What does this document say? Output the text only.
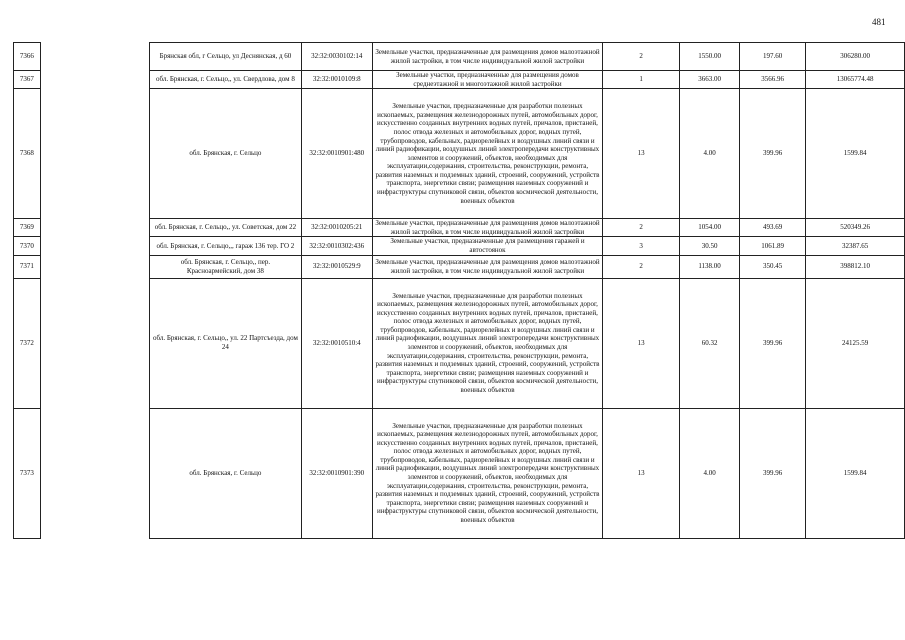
481
7366		Брянская обл, г Сельцо, ул Деснянская, д 60	32:32:0030102:14	Земельные участки, предназначенные для размещения домов малоэтажной жилой застройки, в том числе индивидуальной жилой застройки	2	1550.00	197.60	306280.00
7367		обл. Брянская, г. Сельцо,, ул. Свердлова, дом 8	32:32:0010109:8	Земельные участки, предназначенные для размещения домов среднеэтажной и многоэтажной жилой застройки	1	3663.00	3566.96	13065774.48
7368		обл. Брянская, г. Сельцо	32:32:0010901:480	Земельные участки, предназначенные для разработки полезных ископаемых, размещения железнодорожных путей, автомобильных дорог, искусственно созданных внутренних водных путей, причалов, пристаней, полос отвода железных и автомобильных дорог, водных путей, трубопроводов, кабельных, радиорелейных и воздушных линий связи и линий радиофикации, воздушных линий электропередачи конструктивных элементов и сооружений, объектов, необходимых для эксплуатации,содержания, строительства, реконструкции, ремонта, развития наземных и подземных зданий, строений, сооружений, устройств транспорта, энергетики связи; размещения наземных сооружений и инфраструктуры спутниковой связи, объектов космической деятельности, военных объектов	13	4.00	399.96	1599.84
7369		обл. Брянская, г. Сельцо,, ул. Советская, дом 22	32:32:0010205:21	Земельные участки, предназначенные для размещения домов малоэтажной жилой застройки, в том числе индивидуальной жилой застройки	2	1054.00	493.69	520349.26
7370		обл. Брянская, г. Сельцо,,, гараж 136 тер. ГО 2	32:32:0010302:436	Земельные участки, предназначенные для размещения гаражей и автостоянок	3	30.50	1061.89	32387.65
7371		обл. Брянская, г. Сельцо,, пер. Красноармейский, дом 38	32:32:0010529:9	Земельные участки, предназначенные для размещения домов малоэтажной жилой застройки, в том числе индивидуальной жилой застройки	2	1138.00	350.45	398812.10
7372		обл. Брянская, г. Сельцо,, ул. 22 Партсъезда, дом 24	32:32:0010510:4	Земельные участки, предназначенные для разработки полезных ископаемых, размещения железнодорожных путей, автомобильных дорог, искусственно созданных внутренних водных путей, причалов, пристаней, полос отвода железных и автомобильных дорог, водных путей, трубопроводов, кабельных, радиорелейных и воздушных линий связи и линий радиофикации, воздушных линий электропередачи конструктивных элементов и сооружений, объектов, необходимых для эксплуатации,содержания, строительства, реконструкции, ремонта, развития наземных и подземных зданий, строений, сооружений, устройств транспорта, энергетики связи; размещения наземных сооружений и инфраструктуры спутниковой связи, объектов космической деятельности, военных объектов	13	60.32	399.96	24125.59
7373		обл. Брянская, г. Сельцо	32:32:0010901:390	Земельные участки, предназначенные для разработки полезных ископаемых, размещения железнодорожных путей, автомобильных дорог, искусственно созданных внутренних водных путей, причалов, пристаней, полос отвода железных и автомобильных дорог, водных путей, трубопроводов, кабельных, радиорелейных и воздушных линий связи и линий радиофикации, воздушных линий электропередачи конструктивных элементов и сооружений, объектов, необходимых для эксплуатации,содержания, строительства, реконструкции, ремонта, развития наземных и подземных зданий, строений, сооружений, устройств транспорта, энергетики связи; размещения наземных сооружений и инфраструктуры спутниковой связи, объектов космической деятельности, военных объектов	13	4.00	399.96	1599.84
